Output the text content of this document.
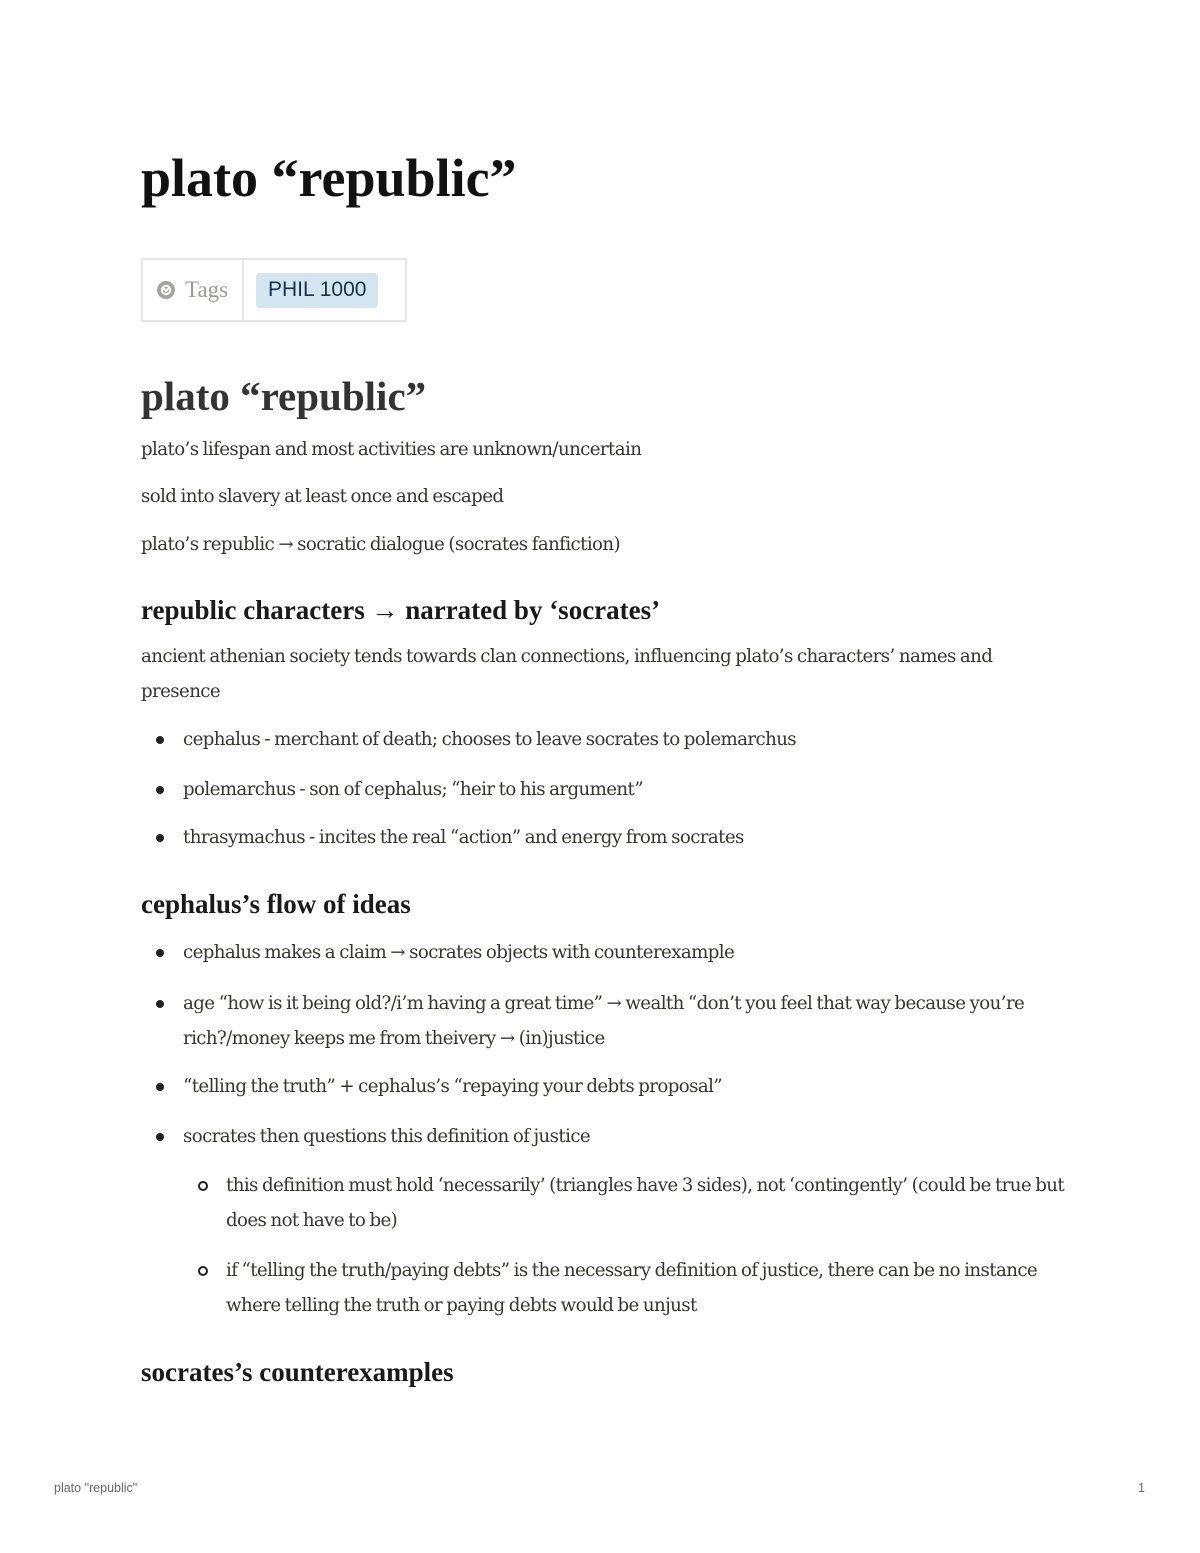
plato “republic”
Tags	PHIL 1000
plato “republic”

plato’s lifespan and most activities are unknown/uncertain

sold into slavery at least once and escaped

plato’s republic → socratic dialogue (socrates fanfiction)

republic characters → narrated by ‘socrates’

ancient athenian society tends towards clan connections, influencing plato’s characters’ names and presence

cephalus - merchant of death; chooses to leave socrates to polemarchus

polemarchus - son of cephalus; “heir to his argument”

thrasymachus - incites the real “action” and energy from socrates

cephalus’s flow of ideas

cephalus makes a claim → socrates objects with counterexample

age “how is it being old?/i’m having a great time” → wealth “don’t you feel that way because you’re rich?/money keeps me from theivery → (in)justice

“telling the truth” + cephalus’s “repaying your debts proposal”

socrates then questions this definition of justice

this definition must hold ‘necessarily’ (triangles have 3 sides), not ‘contingently’ (could be true but does not have to be)

if “telling the truth/paying debts” is the necessary definition of justice, there can be no instance where telling the truth or paying debts would be unjust

socrates’s counterexamples
plato "republic"	1
